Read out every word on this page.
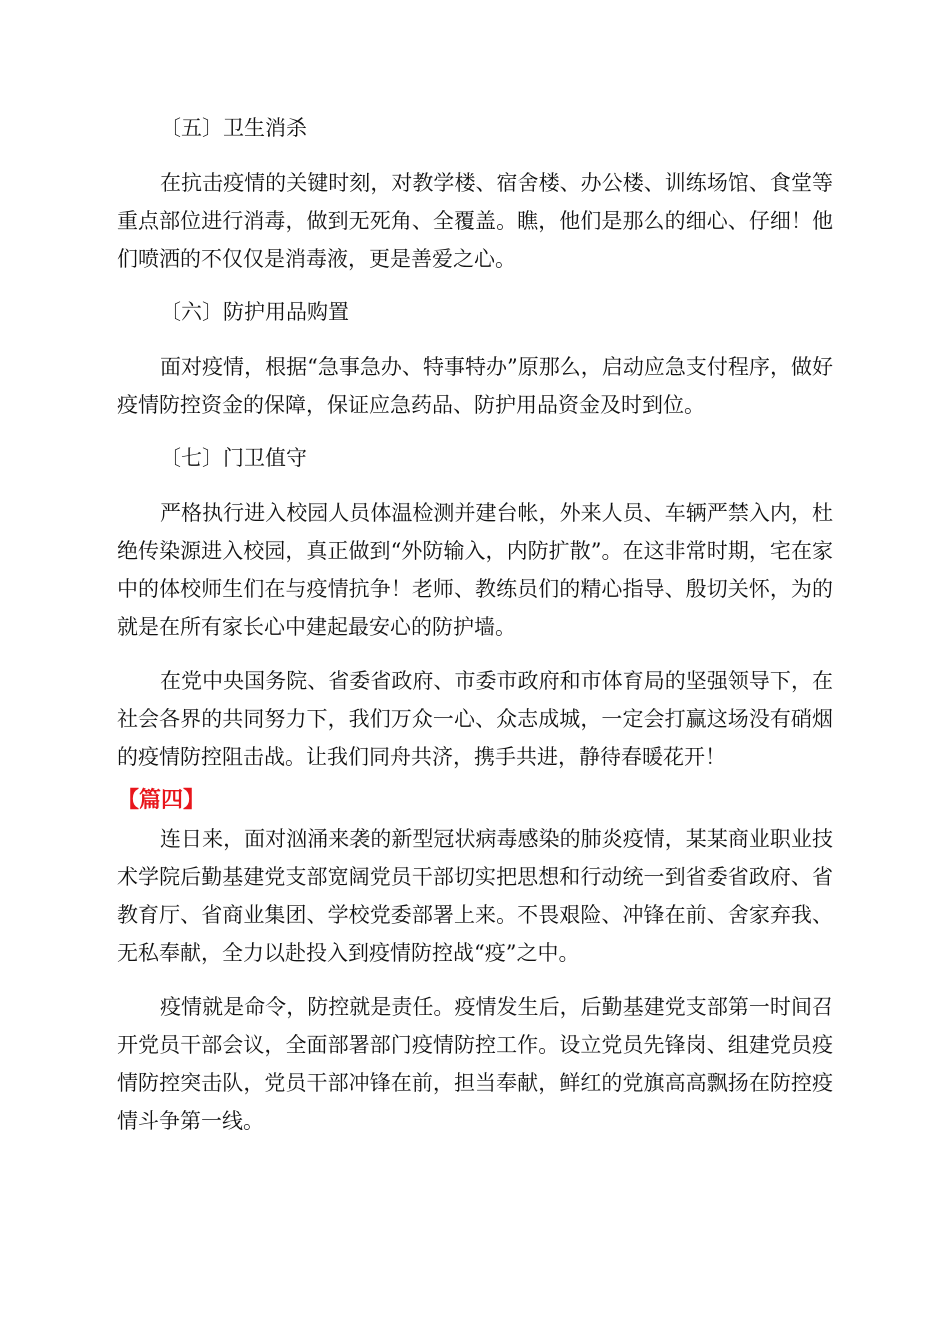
〔五〕卫生消杀

在抗击疫情的关键时刻，对教学楼、宿舍楼、办公楼、训练场馆、食堂等重点部位进行消毒，做到无死角、全覆盖。瞧，他们是那么的细心、仔细！他们喷洒的不仅仅是消毒液，更是善爱之心。

〔六〕防护用品购置

面对疫情，根据“急事急办、特事特办”原那么，启动应急支付程序，做好疫情防控资金的保障，保证应急药品、防护用品资金及时到位。

〔七〕门卫值守

严格执行进入校园人员体温检测并建台帐，外来人员、车辆严禁入内，杜绝传染源进入校园，真正做到“外防输入，内防扩散”。在这非常时期，宅在家中的体校师生们在与疫情抗争！老师、教练员们的精心指导、殷切关怀，为的就是在所有家长心中建起最安心的防护墙。

在党中央国务院、省委省政府、市委市政府和市体育局的坚强领导下，在社会各界的共同努力下，我们万众一心、众志成城，一定会打赢这场没有硝烟的疫情防控阻击战。让我们同舟共济，携手共进，静待春暖花开！

【篇四】

连日来，面对汹涌来袭的新型冠状病毒感染的肺炎疫情，某某商业职业技术学院后勤基建党支部宽阔党员干部切实把思想和行动统一到省委省政府、省教育厅、省商业集团、学校党委部署上来。不畏艰险、冲锋在前、舍家弃我、无私奉献，全力以赴投入到疫情防控战“疫”之中。

疫情就是命令，防控就是责任。疫情发生后，后勤基建党支部第一时间召开党员干部会议，全面部署部门疫情防控工作。设立党员先锋岗、组建党员疫情防控突击队，党员干部冲锋在前，担当奉献，鲜红的党旗高高飘扬在防控疫情斗争第一线。
